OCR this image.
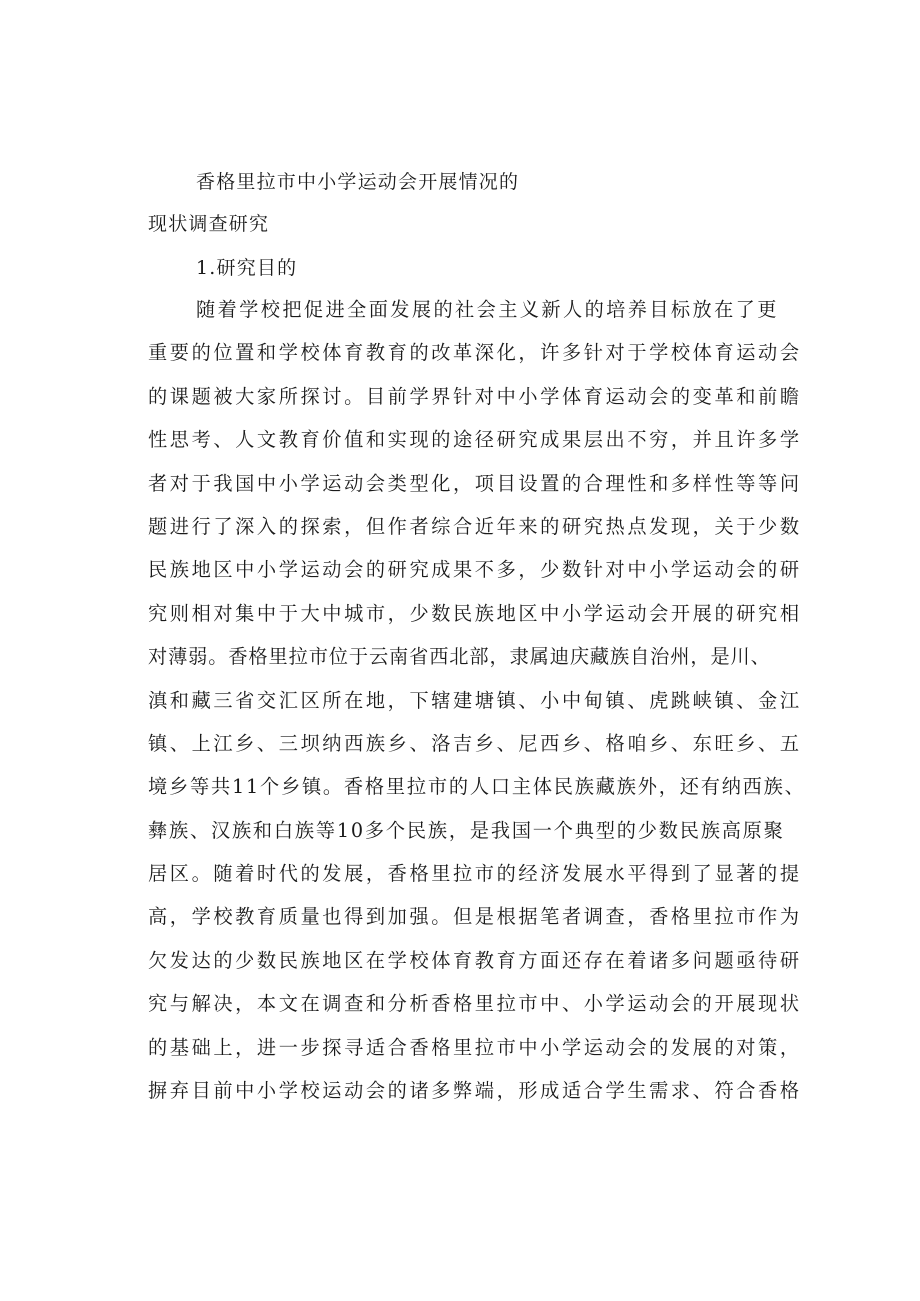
香格里拉市中小学运动会开展情况的
现状调查研究
1.研究目的
随着学校把促进全面发展的社会主义新人的培养目标放在了更
重要的位置和学校体育教育的改革深化，许多针对于学校体育运动会
的课题被大家所探讨。目前学界针对中小学体育运动会的变革和前瞻
性思考、人文教育价值和实现的途径研究成果层出不穷，并且许多学
者对于我国中小学运动会类型化，项目设置的合理性和多样性等等问
题进行了深入的探索，但作者综合近年来的研究热点发现，关于少数
民族地区中小学运动会的研究成果不多，少数针对中小学运动会的研
究则相对集中于大中城市，少数民族地区中小学运动会开展的研究相
对薄弱。香格里拉市位于云南省西北部，隶属迪庆藏族自治州，是川、
滇和藏三省交汇区所在地，下辖建塘镇、小中甸镇、虎跳峡镇、金江
镇、上江乡、三坝纳西族乡、洛吉乡、尼西乡、格咱乡、东旺乡、五
境乡等共11个乡镇。香格里拉市的人口主体民族藏族外，还有纳西族、
彝族、汉族和白族等10多个民族，是我国一个典型的少数民族高原聚
居区。随着时代的发展，香格里拉市的经济发展水平得到了显著的提
高，学校教育质量也得到加强。但是根据笔者调查，香格里拉市作为
欠发达的少数民族地区在学校体育教育方面还存在着诸多问题亟待研
究与解决，本文在调查和分析香格里拉市中、小学运动会的开展现状
的基础上，进一步探寻适合香格里拉市中小学运动会的发展的对策，
摒弃目前中小学校运动会的诸多弊端，形成适合学生需求、符合香格
